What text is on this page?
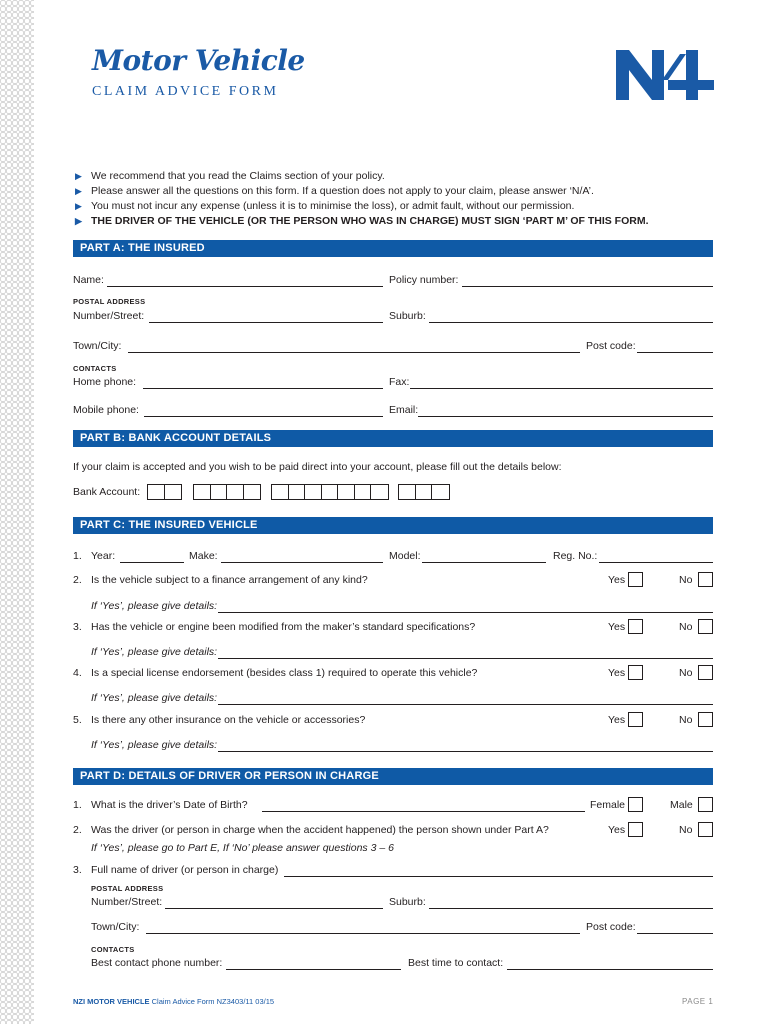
Motor Vehicle
CLAIM ADVICE FORM
▶ We recommend that you read the Claims section of your policy.
▶ Please answer all the questions on this form. If a question does not apply to your claim, please answer ‘N/A’.
▶ You must not incur any expense (unless it is to minimise the loss), or admit fault, without our permission.
▶ THE DRIVER OF THE VEHICLE (OR THE PERSON WHO WAS IN CHARGE) MUST SIGN ‘PART M’ OF THIS FORM.
PART A: THE INSURED
Name:	Policy number:
POSTAL ADDRESS
Number/Street:	Suburb:
Town/City:	Post code:
CONTACTS
Home phone:	Fax:
Mobile phone:	Email:
PART B: BANK ACCOUNT DETAILS
If your claim is accepted and you wish to be paid direct into your account, please fill out the details below:
Bank Account:
PART C: THE INSURED VEHICLE
1. Year:	Make:	Model:	Reg. No.:
2. Is the vehicle subject to a finance arrangement of any kind?	Yes	No
If ‘Yes’, please give details:
3. Has the vehicle or engine been modified from the maker’s standard specifications?	Yes	No
If ‘Yes’, please give details:
4. Is a special license endorsement (besides class 1) required to operate this vehicle?	Yes	No
If ‘Yes’, please give details:
5. Is there any other insurance on the vehicle or accessories?	Yes	No
If ‘Yes’, please give details:
PART D: DETAILS OF DRIVER OR PERSON IN CHARGE
1. What is the driver’s Date of Birth?	Female	Male
2. Was the driver (or person in charge when the accident happened) the person shown under Part A?	Yes	No
If ‘Yes’, please go to Part E, If ‘No’ please answer questions 3 – 6
3. Full name of driver (or person in charge)
POSTAL ADDRESS
Number/Street:	Suburb:
Town/City:	Post code:
CONTACTS
Best contact phone number:	Best time to contact:
NZI MOTOR VEHICLE Claim Advice Form NZ3403/11 03/15	PAGE 1
